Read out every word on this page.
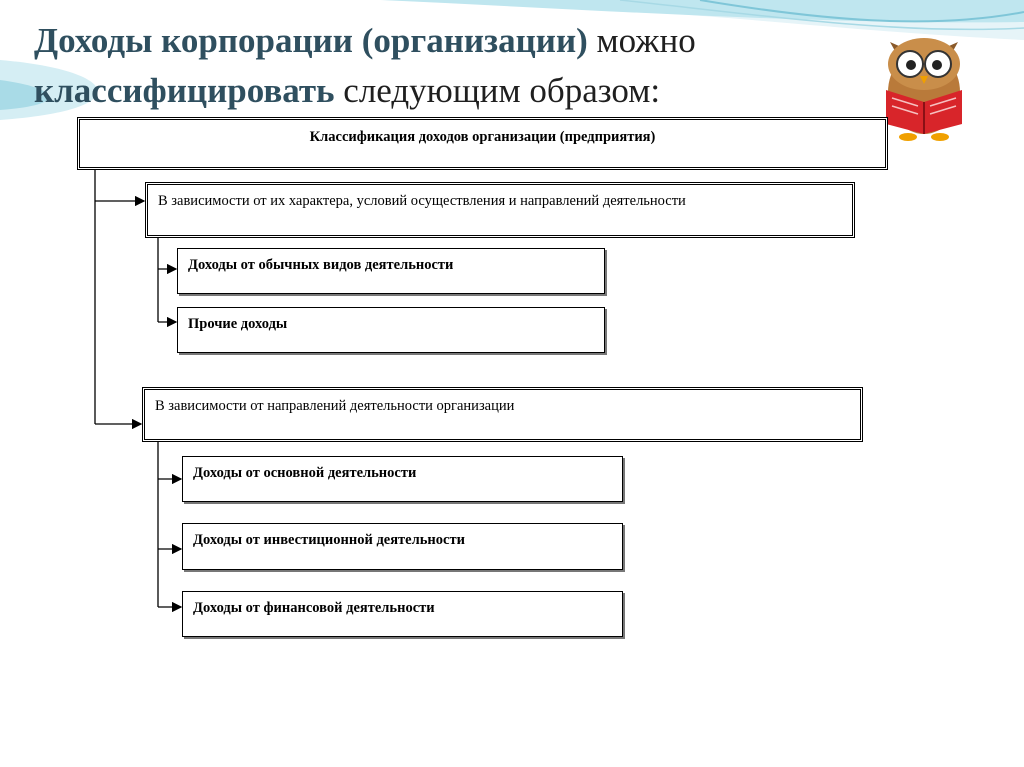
Доходы корпорации (организации) можно
классифицировать следующим образом:
Классификация доходов организации (предприятия)
В зависимости от их характера, условий осуществления и направлений деятельности
Доходы от обычных видов деятельности
Прочие доходы
В зависимости от направлений деятельности организации
Доходы от основной деятельности
Доходы от инвестиционной деятельности
Доходы от финансовой деятельности
